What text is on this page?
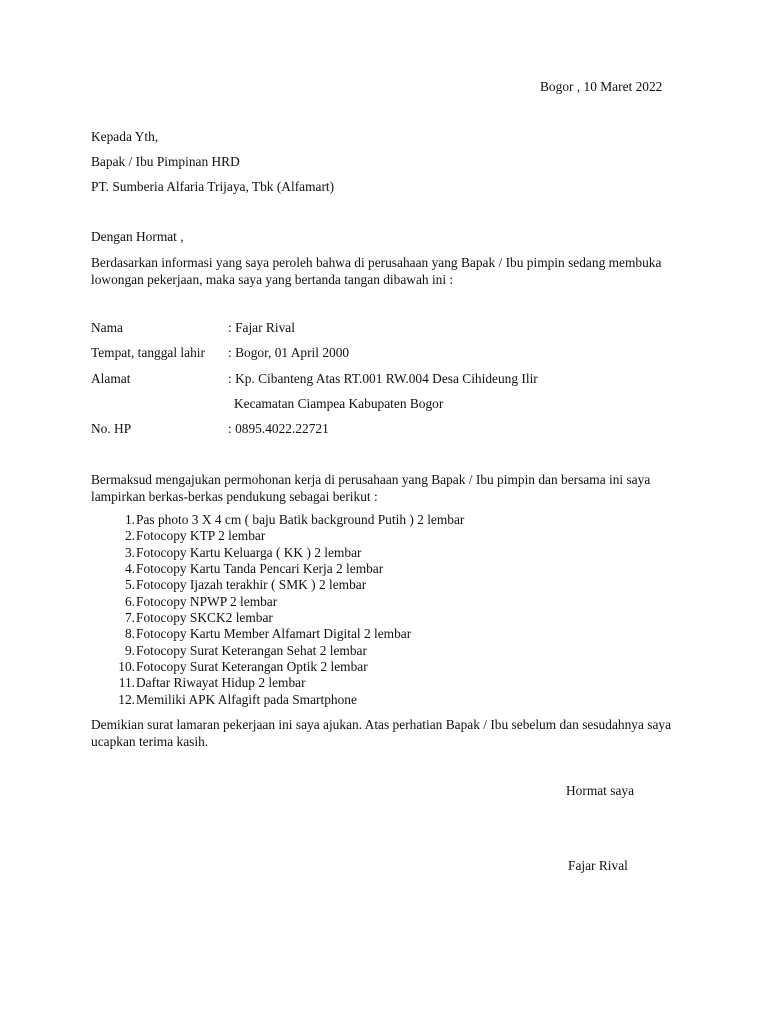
Bogor , 10 Maret 2022
Kepada Yth,
Bapak / Ibu Pimpinan HRD
PT. Sumberia Alfaria Trijaya, Tbk (Alfamart)
Dengan Hormat ,
Berdasarkan informasi yang saya peroleh bahwa di perusahaan yang Bapak / Ibu pimpin sedang membuka lowongan pekerjaan, maka saya yang bertanda tangan dibawah ini :
Nama	: Fajar Rival
Tempat, tanggal lahir : Bogor, 01 April 2000
Alamat	: Kp. Cibanteng Atas RT.001 RW.004 Desa Cihideung Ilir
Kecamatan Ciampea Kabupaten Bogor
No. HP	: 0895.4022.22721
Bermaksud mengajukan permohonan kerja di perusahaan yang Bapak / Ibu pimpin dan bersama ini saya lampirkan berkas-berkas pendukung sebagai berikut :
1. Pas photo 3 X 4 cm ( baju Batik background Putih ) 2 lembar
2. Fotocopy KTP 2 lembar
3. Fotocopy Kartu Keluarga ( KK ) 2 lembar
4. Fotocopy Kartu Tanda Pencari Kerja 2 lembar
5. Fotocopy Ijazah terakhir ( SMK ) 2 lembar
6. Fotocopy NPWP 2 lembar
7. Fotocopy SKCK2 lembar
8. Fotocopy Kartu Member Alfamart Digital 2 lembar
9. Fotocopy Surat Keterangan Sehat 2 lembar
10. Fotocopy Surat Keterangan Optik 2 lembar
11. Daftar Riwayat Hidup 2 lembar
12. Memiliki APK Alfagift pada Smartphone
Demikian surat lamaran pekerjaan ini saya ajukan. Atas perhatian Bapak / Ibu sebelum dan sesudahnya saya ucapkan terima kasih.
Hormat saya
Fajar Rival
